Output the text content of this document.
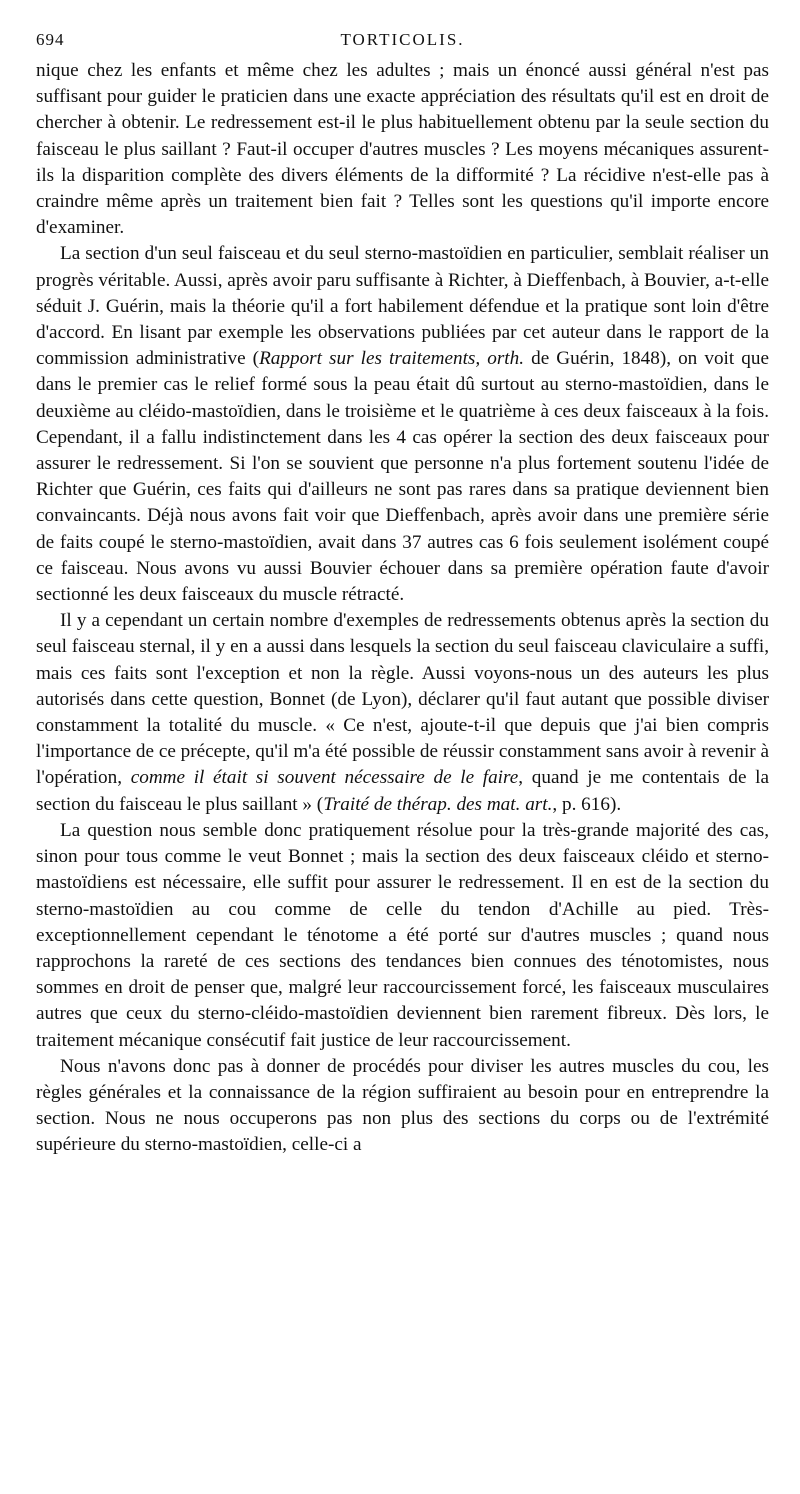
694	TORTICOLIS.

nique chez les enfants et même chez les adultes ; mais un énoncé aussi général n'est pas suffisant pour guider le praticien dans une exacte appréciation des résultats qu'il est en droit de chercher à obtenir. Le redressement est-il le plus habituellement obtenu par la seule section du faisceau le plus saillant ? Faut-il occuper d'autres muscles ? Les moyens mécaniques assurent-ils la disparition complète des divers éléments de la difformité ? La récidive n'est-elle pas à craindre même après un traitement bien fait ? Telles sont les questions qu'il importe encore d'examiner.

La section d'un seul faisceau et du seul sterno-mastoïdien en particulier, semblait réaliser un progrès véritable. Aussi, après avoir paru suffisante à Richter, à Dieffenbach, à Bouvier, a-t-elle séduit J. Guérin, mais la théorie qu'il a fort habilement défendue et la pratique sont loin d'être d'accord. En lisant par exemple les observations publiées par cet auteur dans le rapport de la commission administrative (Rapport sur les traitements, orth. de Guérin, 1848), on voit que dans le premier cas le relief formé sous la peau était dû surtout au sterno-mastoïdien, dans le deuxième au cléido-mastoïdien, dans le troisième et le quatrième à ces deux faisceaux à la fois. Cependant, il a fallu indistinctement dans les 4 cas opérer la section des deux faisceaux pour assurer le redressement. Si l'on se souvient que personne n'a plus fortement soutenu l'idée de Richter que Guérin, ces faits qui d'ailleurs ne sont pas rares dans sa pratique deviennent bien convaincants. Déjà nous avons fait voir que Dieffenbach, après avoir dans une première série de faits coupé le sterno-mastoïdien, avait dans 37 autres cas 6 fois seulement isolément coupé ce faisceau. Nous avons vu aussi Bouvier échouer dans sa première opération faute d'avoir sectionné les deux faisceaux du muscle rétracté.

Il y a cependant un certain nombre d'exemples de redressements obtenus après la section du seul faisceau sternal, il y en a aussi dans lesquels la section du seul faisceau claviculaire a suffi, mais ces faits sont l'exception et non la règle. Aussi voyons-nous un des auteurs les plus autorisés dans cette question, Bonnet (de Lyon), déclarer qu'il faut autant que possible diviser constamment la totalité du muscle. « Ce n'est, ajoute-t-il que depuis que j'ai bien compris l'importance de ce précepte, qu'il m'a été possible de réussir constamment sans avoir à revenir à l'opération, comme il était si souvent nécessaire de le faire, quand je me contentais de la section du faisceau le plus saillant » (Traité de thérap. des mat. art., p. 616).

La question nous semble donc pratiquement résolue pour la très-grande majorité des cas, sinon pour tous comme le veut Bonnet ; mais la section des deux faisceaux cléido et sterno-mastoïdiens est nécessaire, elle suffit pour assurer le redressement. Il en est de la section du sterno-mastoïdien au cou comme de celle du tendon d'Achille au pied. Très-exceptionnellement cependant le ténotome a été porté sur d'autres muscles ; quand nous rapprochons la rareté de ces sections des tendances bien connues des ténotomistes, nous sommes en droit de penser que, malgré leur raccourcissement forcé, les faisceaux musculaires autres que ceux du sterno-cléido-mastoïdien deviennent bien rarement fibreux. Dès lors, le traitement mécanique consécutif fait justice de leur raccourcissement.

Nous n'avons donc pas à donner de procédés pour diviser les autres muscles du cou, les règles générales et la connaissance de la région suffiraient au besoin pour en entreprendre la section. Nous ne nous occuperons pas non plus des sections du corps ou de l'extrémité supérieure du sterno-mastoïdien, celle-ci a
